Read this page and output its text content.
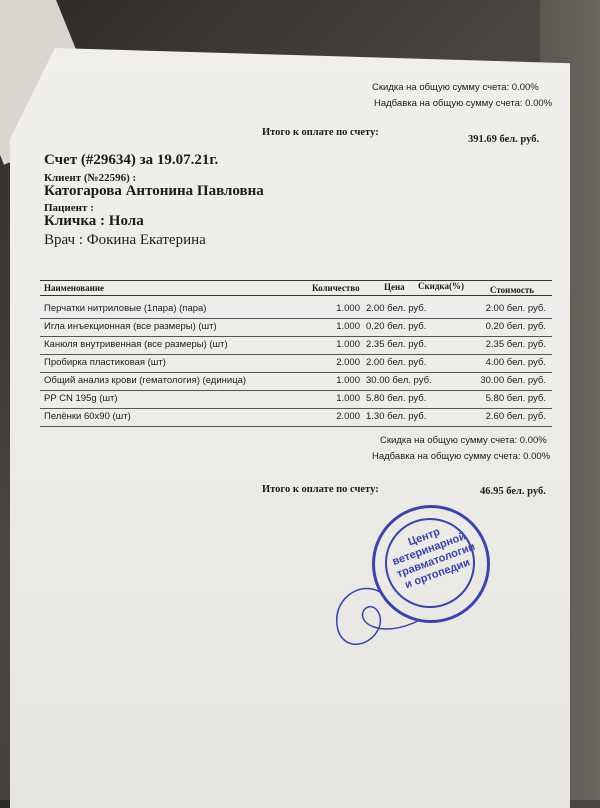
Скидка на общую сумму счета: 0.00%
Надбавка на общую сумму счета: 0.00%
Итого к оплате по счету:
391.69 бел. руб.
Счет (#29634) за 19.07.21г.
Клиент (№22596) :
Катогарова Антонина Павловна
Пациент :
Кличка : Нола
Врач : Фокина Екатерина
Наименование	Количество	Цена Скидка(%)	Стоимость
Перчатки нитриловые (1пара) (пара)	1.000 2.00 бел. руб.	2.00 бел. руб.
Игла инъекционная (все размеры) (шт)	1.000 0.20 бел. руб.	0.20 бел. руб.
Канюля внутривенная (все размеры) (шт)	1.000 2.35 бел. руб.	2.35 бел. руб.
Пробирка пластиковая (шт)	2.000 2.00 бел. руб.	4.00 бел. руб.
Общий анализ крови (гематология) (единица)	1.000 30.00 бел. руб.	30.00 бел. руб.
PP CN 195g (шт)	1.000 5.80 бел. руб.	5.80 бел. руб.
Пелёнки 60x90 (шт)	2.000 1.30 бел. руб.	2.60 бел. руб.
Скидка на общую сумму счета: 0.00%
Надбавка на общую сумму счета: 0.00%
Итого к оплате по счету:	46.95 бел. руб.
Центр ветеринарной травматологии и ортопедии
